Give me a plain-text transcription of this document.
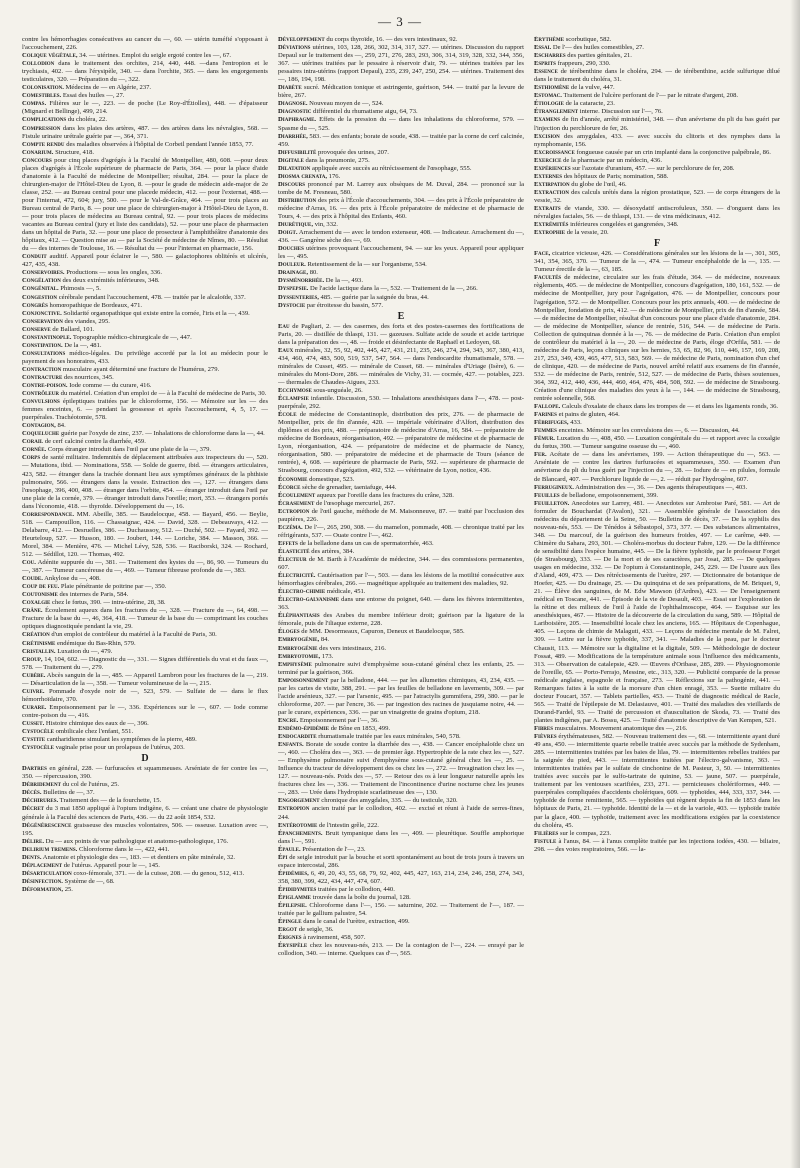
— 3 —
contre les hémorrhagies consécutives au cancer du —, 60. — utérin tuméfié s'opposant à l'accouchement, 226.
Colique végétale, 34. — utérines. Emploi du seigle ergoté contre les —, 67.
Collodion dans le traitement des orchites, 214, 440, 448. —dans l'entropion et le trychiasis, 402. — dans l'érysipèle, 340. — dans l'orchite, 365. — dans les engorgements testiculaires, 320. — Préparation du —, 322.
Colonisation. Médecins de — en Algérie, 237.
Comestibles. Essai des huiles —, 27.
Compas. Filières sur le —, 223. — de poche (Le Roy-d'Étiolles), 448. — d'épaisseur (Mignard et Bellinge), 499, 214.
Complications du choléra, 22.
Compression dans les plaies des artères, 487. — des artères dans les névralgies, 568. — Fistule urinaire urétrale guérie par —, 364, 371.
Compte rendu des maladies observées à l'hôpital de Corbeil pendant l'année 1853, 77.
Conarium. Structure, 418.
Concours pour cinq places d'agrégés à la Faculté de Montpellier, 480, 608. —pour deux places d'agrégés à l'École supérieure de pharmacie de Paris, 364. — pour la place d'aide d'anatomie à la Faculté de médecine de Montpellier; résultat, 284. — pour la place de chirurgien-major de l'Hôtel-Dieu de Lyon, 8. —pour le grade de médecin aide-major de 2e classe, 252. — au Bureau central pour une placede médecin, 412. — pour l'externat, 488.—pour l'internat, 472, 604; jury, 500. — pour le Val-de-Grâce, 464. — pour trois places au Bureau central de Paris, 8. — pour une place de chirurgien-major à l'Hôtel-Dieu de Lyon, 8. — pour trois places de médecins au Bureau central, 92. — pour trois places de médecins vacantes au Bureau central (jury et liste des candidats), 52. — pour une place de pharmacien dans un hôpital de Paris, 32. — pour une place de prosecteur à l'amphithéâtre d'anatomie des hôpitaux, 412. — Question mise au — par la Société de médecine de Nîmes, 80. — Résultat du — des internes de Toulouse, 16. — Résultat du — pour l'internat en pharmacie, 156.
Conduit auditif. Appareil pour éclairer le —, 580. — galactophores oblitérés et ulcérés, 427, 435, 438.
Conservoires. Productions — sous les ongles, 336.
Congélation des deux extrémités inférieures, 348.
Congénital. Phimosis —, 5.
Congestion cérébrale pendant l'accouchement, 478. — traitée par le alcaloïde, 337.
Congrès homœopathique de Bordeaux, 471.
Conjonctive. Solidarité organopathique qui existe entre la cornée, l'iris et la —, 439.
Conservation des viandes, 295.
Conserve de Ballard, 101.
Constantinople. Topographie médico-chirurgicale de —, 447.
Constipation. De la —, 481.
Consultations médico-légales. Du privilège accordé par la loi au médecin pour le payement de ses honoraires, 433.
Contraction musculaire ayant déterminé une fracture de l'humérus, 279.
Contracture des nourrices, 345.
Contre-poison. Iode comme — du curare, 416.
Contrôleur du matériel. Création d'un emploi de — à la Faculté de médecine de Paris, 30.
Convulsions épileptiques traitées par le chloroforme, 156. — Mémoire sur les — des femmes enceintes, 6. — pendant la grossesse et après l'accouchement, 4, 5, 17. — puerpérales. Trachéotomie, 578.
Contagion, 84.
Coqueluche guérie par l'oxyde de zinc, 237. — Inhalations de chloroforme dans la —, 44.
Corail de cerf calciné contre la diarrhée, 459.
Cornée. Corps étranger introduit dans l'œil par une plaie de la —, 379.
Corps de santé militaire. Indemnités de déplacement attribuées aux inspecteurs du —, 520. — Mutations, ibid. — Nominations, 558. — Solde de guerre, ibid. — étrangers articulaires, 423, 582. — étranger dans la trachée donnant lieu aux symptômes généraux de la phthisie pulmonaire, 566. — étrangers dans la vessie. Extraction des —, 127. — étrangers dans l'œsophage, 396, 400, 408. — étranger dans l'orbite, 454. — étranger introduit dans l'œil par une plaie de la cornée, 379. — étranger introduit dans l'oreille; mort, 353. — étrangers portés dans l'économie, 418. — thyroïde. Développement du —, 16.
Correspondance. MM. Abeille, 385. — Baudelocque, 458. — Bayard, 456. — Beylie, 518. — Campouillon, 116. — Chassaignac, 424. — David, 328. — Debeauvays, 412. — Delabarre, 412. — Desruelles, 386. — Duchaussoy, 512. — Duché, 502. — Fayard, 392. — Heurteloup, 527. — Husson, 180. — Joubert, 144. — Loriche, 384. — Masson, 366. — Morel, 384. — Menière, 476. — Michel Lévy, 528, 536. — Raciborski, 324. — Rochard, 512. — Sédillot, 120. — Thomas, 492.
Cou. Adénite suppurée du —, 381. — Traitement des kystes du —, 86, 90. — Tumeurs du —, 387. — Tumeur cancéreuse du —, 469. — Tumeur fibreuse profonde du —, 383.
Coude. Ankylose du —, 408.
Coup de feu. Plaie pénétrante de poitrine par —, 350.
Coutonisme des internes de Paris, 584.
Coxalgie chez le fœtus, 390. — intra-utérine, 28, 38.
Crâne. Écoulement aqueux dans les fractures du —, 328. — Fracture du —, 64, 498. — Fracture de la base du —, 46, 364, 418. — Tumeur de la base du — comprimant les couches optiques diagnostiquée pendant la vie, 29.
Création d'un emploi de contrôleur du matériel à la Faculté de Paris, 30.
Crétinisme endémique du Bas-Rhin, 579.
Cristallin. Luxation du —, 479.
Croup, 14, 104, 602. — Diagnostic du —, 331. — Signes différentiels du vrai et du faux —, 578. — Traitement du —, 279.
Cubèbe. Abcès sanguin de la —, 485. — Appareil Lambron pour les fractures de la —, 219. — Désarticulation de la —, 358. — Tumeur volumineuse de la —, 215.
Cuivre. Pommade d'oxyde noir de —, 523, 579. — Sulfate de — dans le flux hémorrhoïdaire, 370.
Curare. Empoisonnement par le —, 336. Expériences sur le —, 607. — Iode comme contre-poison du —, 416.
Cusset. Histoire chimique des eaux de —, 396.
Cystocèle ombilicale chez l'enfant, 551.
Cystite cantharidienne simulant les symptômes de la pierre, 489.
Cystocèle vaginale prise pour un prolapsus de l'utérus, 203.
D
Dartres en général, 228. — furfuracées et squammeuses. Arséniate de fer contre les —, 350. — répercussion, 390.
Débridement du col de l'utérus, 25.
Décès. Bulletins de —, 37.
Déchirures. Traitement des — de la fourchette, 15.
Décret du 3 mai 1850 appliqué à l'opium indigène, 6. — créant une chaire de physiologie générale à la Faculté des sciences de Paris, 436. — du 22 août 1854, 532.
Dégénérescence graisseuse des muscles volontaires, 506. — osseuse. Luxation avec —, 195.
Délire. Du — aux points de vue pathologique et anatomo-pathologique, 176.
Delirium tremens. Chloroforme dans le —, 422, 441.
Dents. Anatomie et physiologie des —, 183. — et dentiers en pâte minérale, 32.
Déplacement de l'utérus. Appareil pour le —, 145.
Désarticulation coxo-fémorale, 371. — de la cuisse, 208. — du genou, 512, 413.
Désinfection. Système de —, 68.
Déformation, 25.
Développement du corps thyroïde, 16. — des vers intestinaux, 92.
Déviations utérines, 103, 128, 266, 302, 314, 317, 327. — utérines. Discussion du rapport Depaul sur le traitement des —, 259, 271, 276, 283, 293, 306, 314, 319, 328, 332, 344, 356, 367. — utérines traitées par le pessaire à réservoir d'air, 79. — utérines traitées par les pessaires intra-utérins (rapport Depaul), 235, 239, 247, 250, 254. — utérines. Traitement des —, 186, 194, 198.
Diabète sucré. Médication tonique et astringente, guérison, 544. — traité par la levure de bière, 267.
Diagnose. Nouveau moyen de —, 524.
Diagnostic différentiel du rhumatisme aigu, 64, 73.
Diaphragme. Effets de la pression du — dans les inhalations du chloroforme, 579. — Spasme du —, 525.
Diarrhée, 583. — des enfants; borate de soude, 438. — traitée par la corne de cerf calcinée, 459.
Diffusibilité provoquée des urines, 207.
Digitale dans la pneumonie, 275.
Dilatation appliquée avec succès au rétrécissement de l'œsophage, 555.
Diosma crenata, 176.
Discours prononcé par M. Larrey aux obsèques de M. Duval, 284. — prononcé sur la tombe de M. Fresneau, 580.
Distribution des prix à l'École d'accouchements, 304. — des prix à l'École préparatoire de médecine d'Arras, 16. — des prix à l'École préparatoire de médecine et de pharmacie de Tours, 4. — des prix à l'hôpital des Enfants, 460.
Diurétique, vin, 332.
Doigt. Arrachement du — avec le tendon extenseur, 408. — Indicateur. Arrachement du —, 436. — Gangrène sèche des —, 69.
Douches utérines provoquant l'accouchement, 94. — sur les yeux. Appareil pour appliquer les —, 495.
Douleur. Retentissement de la — sur l'organisme, 534.
Drainage, 80.
Dysménorrhée. De la —, 493.
Dyspepsie. De l'acide lactique dans la —, 532. — Traitement de la —, 266.
Dyssenteries, 485. — guérie par la saignée du bras, 44.
Dystocie par étroitesse du bassin, 577.
E
Eau de Pagliari, 2. — des casernes, des forts et des postes-casernes des fortifications de Paris, 20. — distillée de thlaspi, 131. — gazeuses. Sulfate acide de soude et acide tartrique dans la préparation des —, 48. — froide et désinfectante de Raphaël et Ledoyen, 68.
Eaux minérales, 32, 55, 92, 402, 445, 427, 431, 211, 235, 246, 274, 294, 343, 367, 380, 413, 434, 460, 474, 483, 500, 519, 537, 547, 564. — dans l'endocardite rhumatismale, 578. — minérales de Cusset, 495. — minérale de Cusset, 68. — minérales d'Uriage (Isère), 6. — minérales du Mont-Dore, 286. — minérales de Vichy, 31. — cocmée, 427. — potables, 223. — thermales de Chaudes-Aigues, 233.
Ecchymose sous-unguéale, 26.
Éclampsie infantile. Discussion, 530. — Inhalations anesthésiques dans l'—, 478. — post-puerpérale, 292.
École de médecine de Constantinople, distribution des prix, 276. — de pharmacie de Montpellier, prix de fin d'année, 420. — impériale vétérinaire d'Alfort, distribution des diplômes et des prix, 488. — préparatoire de médecine d'Arras, 16, 584. — préparatoire de médecine de Bordeaux, réorganisation, 492. — préparatoire de médecine et de pharmacie de Lyon, réorganisation, 424. — préparatoire de médecine et de pharmacie de Nancy, réorganisation, 580. — préparatoire de médecine et de pharmacie de Tours (séance de rentrée), 4, 608. — supérieure de pharmacie de Paris, 592. — supérieure de pharmacie de Strasbourg, concours d'agrégation, 492, 532. — vétérinaire de Lyon, notice, 436.
Économie domestique, 523.
Écorce sèche de grenadier, taeniafuge, 444.
Écoulement aqueux par l'oreille dans les fractures du crâne, 328.
Écrasement de l'œsophage mercuriel, 267.
Ectropion de l'œil gauche, méthode de M. Maisonneuve, 87. — traité par l'occlusion des paupières, 226.
Eczéma. De l'—, 265, 290, 308. — du mamelon, pommade, 408. — chronique traité par les réfrigérants, 537. — Ouate contre l'—, 462.
Effets de la belladone dans un cas de spermatorrhée, 463.
Élasticité des artères, 384.
Électeur de M. Barth à l'Académie de médecine, 344. — des commissions permanentes, 607.
Électricité. Cautérisation par l'—, 503. — dans les lésions de la motilité consécutive aux hémorrhagies cérébrales, 266. — magnétique appliquée au traitement des maladies, 92.
Électro-chimie médicale, 451.
Électro-galvanisme dans une entorse du poignet, 640. — dans les fièvres intermittentes, 363.
Éléphantiasis des Arabes du membre inférieur droit; guérison par la ligature de la fémorale, puis de l'iliaque externe, 228.
Éloges de MM. Desormeaux, Capuron, Deneux et Baudelocque, 585.
Embryogénie, 84.
Embryogénie des vers intestinaux, 216.
Embryotomie, 173.
Emphysème pulmonaire suivi d'emphysème sous-cutané général chez les enfants, 25. — terminé par la guérison, 366.
Empoisonnement par la belladone, 444. — par les allumettes chimiques, 43, 234, 435. — par les cartes de visite, 388, 291. — par les feuilles de belladone en lavements, 309. — par l'acide arsénieux, 327. — par l'arsenic, 495. — par l'atractylis gummifera, 299, 380. — par le chloroforme, 207. — par l'encre, 36. — par ingestion des racines de jusquiame noire, 44. — par le curare, expériences, 336. — par un vinaigrette de grains d'opium, 218.
Encre. Empoisonnement par l'—, 36.
Endémo-épidémie de Bône en 1853, 499.
Endocardite rhumatismale traitée par les eaux minérales, 540, 578.
Enfants. Borate de soude contre la diarrhée des —, 438. — Cancer encéphaloïde chez un —, 460. — Choléra des —, 363. — de premier âge. Hypertrophie de la rate chez les —, 527. — Emphysème pulmonaire suivi d'emphysème sous-cutané général chez les —, 25. — Influence du tracteur de développement des os chez les —, 272. — Invagination chez les —, 127. — nouveau-nés. Poids des —, 57. — Retour des os à leur longueur naturelle après les fractures chez les —, 336. — Traitement de l'incontinence d'urine nocturne chez les jeunes —, 283. — Urée dans l'hydropisie scarlatineuse des —, 130.
Engorgement chronique des amygdales, 335. — du testicule, 320.
Entropion ancien traité par le collodion, 402. — excisé et réuni à l'aide de serres-fines, 244.
Entérotomie de l'intestin grêle, 222.
Épanchements. Bruit tympanique dans les —, 409. — pleurétique. Souffle amphorique dans l'—, 591.
Épaule. Présentation de l'—, 23.
Épi de seigle introduit par la bouche et sorti spontanément au bout de trois jours à travers un espace intercostal, 286.
Épidémies, 6, 49, 20, 43, 55, 68, 79, 92, 402, 445, 427, 163, 214, 234, 246, 258, 274, 343, 358, 380, 399, 422, 434, 447, 474, 607.
Épididymites traitées par le collodion, 440.
Épiglamme trouvée dans la boîte du journal, 128.
Épilepsie. Chloroforme dans l'—, 156. — saturnine, 202. — Traitement de l'—, 187. — traitée par le gallium palustre, 54.
Épingle dans le canal de l'urètre, extraction, 499.
Ergot de seigle, 36.
Érignes à ravinement, 458, 507.
Érysipèle chez les nouveau-nés, 213. — De la contagion de l'—, 224. — enrayé par le collodion, 340. — interne. Quelques cas d'—, 565.
Érythème scorbutique, 582.
Essai. De l'— des huiles comestibles, 27.
Escharres des parties génitales, 21.
Esprits frappeurs, 290, 330.
Essence de térébenthine dans le choléra, 294. — de térébenthine, acide sulfurique dilué dans le traitement du choléra, 31.
Esthiomène de la vulve, 447.
Estomac. Traitement de l'ulcère perforant de l'— par le nitrate d'argent, 208.
Étiologie de la cataracte, 23.
Étranglement interne. Discussion sur l'—, 76.
Examens de fin d'année, arrêté ministériel, 348. — d'un anévrisme du pli du bas guéri par l'injection du perchlorure de fer, 26.
Excision des amygdales, 433. — avec succès du clitoris et des nymphes dans la nymphomanie, 156.
Excroissance fongueuse causée par un crin implanté dans la conjonctive palpébrale, 86.
Exercice de la pharmacie par un médecin, 436.
Expériences sur l'azotate d'uranium, 457. — sur le perchlorure de fer, 208.
Externes des hôpitaux de Paris; nomination, 588.
Extirpation du globe de l'œil, 46.
Extraction des calculs urétés dans la région prostatique, 523. — de corps étrangers de la vessie, 32.
Extraits de viande, 330. — désoxydatif antiscrofuleux, 350. — d'onguent dans les névralgies faciales, 56. — de thlaspi, 131. — de vins médicinaux, 412.
Extrémités inférieures congelées et gangrenées, 348.
Extrophie de la vessie, 20.
F
Face, cicatrice vicieuse, 426. — Considérations générales sur les lésions de la —, 301, 305, 341, 354, 365, 370. — Tumeur de la —, 474. — Tumeur encéphaloïde de la —, 135. — Tumeur érectile de la —, 63, 185.
Facultés de médecine, circulaire sur les frais d'étude, 364. — de médecine, nouveaux règlements, 405. — de médecine de Montpellier, concours d'agrégation, 180, 161, 532. — de médecine de Montpellier, jury pour l'agrégation, 476. — de Montpellier, concours pour l'agrégation, 572. — de Montpellier. Concours pour les prix annuels, 400. — de médecine de Montpellier, fondation de prix, 412. — de médecine de Montpellier, prix de fin d'année, 584. — de médecine de Montpellier, résultat d'un concours pour une place d'aide d'anatomie, 284. — de médecine de Montpellier, séance de rentrée, 516, 544. — de médecine de Paris. Collection de quinquinas donnée à la —, 76. — de médecine de Paris. Création d'un emploi de contrôleur du matériel à la —, 20. — de médecine de Paris, éloge d'Orfila, 581. — de médecine de Paris, leçons cliniques sur les hernies, 53, 65, 82, 96, 110, 446, 157, 169, 208, 217, 253, 349, 439, 465, 477, 513, 583, 569. — de médecine de Paris, nomination d'un chef de clinique, 420. — de médecine de Paris, nouvel arrêté relatif aux examens de fin d'année, 532. — de médecine de Paris, rentrée, 512, 527. — de médecine de Paris, thèses soutenues, 364, 392, 412, 440, 436, 444, 460, 464, 476, 484, 508, 592. — de médecine de Strasbourg. Création d'une clinique des maladies des yeux à la —, 144. — de médecine de Strasbourg, rentrée solennelle, 568.
Fallope. Calculs d'oxalate de chaux dans les trompes de — et dans les ligaments ronds, 36.
Farines et pains de gluten, 464.
Fébrifuges, 433.
Femmes enceintes. Mémoire sur les convulsions des —, 6. — Discussion, 44.
Fémur. Luxation du —, 408, 450. — Luxation congénitale du — et rapport avec la coxalgie du fœtus, 390. — Tumeur sanguine osseuse du —, 460.
Fer. Acétate de — dans les anévrismes, 199. — Action thérapeutique du —, 563. — Arséniate de — contre les dartres furfuracées et squammeuses, 350. — Examen d'un anévrisme du pli du bras guéri par l'injection du —, 28. — Iodure de — en pilules, formule de Blancard, 407. — Perchlorure liquide de —, 2. — réduit par l'hydrogène, 607.
Ferrugineux. Administration des —, 36. — Des agents thérapeutiques —, 403.
Feuilles de belladone, empoisonnement, 399.
Feuilleton. Anecdotes sur Larrey, 481. — Anecdotes sur Ambroise Paré, 581. — Art de formuler de Bouchardat (l'Avalon), 321. — Assemblée générale de l'association des médecins du département de la Seine, 50. — Bulletins de décès, 37. — De la syphilis des nouveau-nés, 553. — De Ténédos à Sébastopol, 373, 377. — Des substances alimentaires, 348. — Du marcouf, de la guérison des humeurs froides, 497. — Le carême, 449. — Chimère du Sahara, 293, 301. — Choléra-morbus du docteur Fabre, 129. — De la différence de sensibilité dans l'espèce humaine, 445. — De la fièvre typhoïde, par le professeur Forget (de Strasbourg), 333. — De la mort et de ses caractères, par Josat, 285. — De quelques usages en médecine, 332. — De l'opium à Constantinople, 245, 229. — De l'usure aux îles d'Aland, 409, 473. — Des rétrécissements de l'urètre, 297. — Dictionnaire de botanique de Hoefer, 425. — Du drainage, 25. — Du quinquina et de ses préparations, de M. Briquet, 9, 21. — Élève des sanguines, de M. Edw Mawson (d'Ardres), 423. — De l'enseignement médical en Toscane, 441. — Épisode de la vie de Desault, 403. — Essai sur l'exploration de la rétine et des milieux de l'œil à l'aide de l'ophthalmoscope, 464. — Esquisse sur les anesthésiques, 467. — Histoire de la découverte de la circulation du sang, 589. — Hôpital de Lariboisière, 205. — Insensibilité locale chez les anciens, 165. — Hôpitaux de Copenhague, 405. — Leçons de chimie de Malaguti, 433. — Leçons de médecine mentale de M. Falret, 309. — Lettre sur la fièvre typhoïde, 337, 341. — Maladies de la peau, par le docteur Chausit, 113. — Mémoire sur la digitaline et la digitale, 509. — Méthodologie de docteur Fossat, 489. — Modifications de la température animale sous l'influence des médicaments, 313. — Observation de catalepsie, 429. — Œuvres d'Oribase, 285, 289. — Physiognomonie de l'oreille, 65. — Porto-Ferrajo, Messine, etc., 313, 320. — Publicité comparée de la presse médicale anglaise, espagnole et française, 273. — Réflexions sur la pathogénie, 441. — Remarques faites à la suite de la morsure d'un chien enragé, 353. — Suette miliaire du docteur Foucart, 357. — Tablets partielles, 453. — Traité de diagnostic médical de Racle, 565. — Traité de l'épilepsie de M. Delasiauve, 401. — Traité des maladies des vieillards de Durand-Fardel, 93. — Traité de percussion et d'auscultation de Skoda, 73. — Traité des plantes indigènes, par A. Bossu, 425. — Traité d'anatomie descriptive de Van Kempen, 521.
Fibres musculaires. Mouvement anatomique des —, 216.
Fièvres érythémateuses, 582. — Nouveau traitement des —, 68. — intermittente ayant duré 49 ans, 450. — intermittente quarte rebelle traitée avec succès par la méthode de Sydenham, 285. — intermittentes traitées par les baies de lilas, 79. — intermittentes rebelles traitées par la saignée du pied, 443. — intermittentes traitées par l'électro-galvanisme, 363. — intermittentes traitées par le sulfate de cinchonine de M. Pasteur, 3, 50. — intermittentes traitées avec succès par le sulfo-tartrate de quinine, 53. — jaune, 507. — puerpérale, traitement par les ventouses scarifiées, 233, 271. — pernicieuses cholériformes, 449. — puerpérales compliquées d'accidents cholériques, 609. — typhoïdes, 444, 333, 337, 344. — typhoïde de forme remittente, 565. — typhoïdes qui règnent depuis la fin de 1853 dans les hôpitaux de Paris, 21. — typhoïde. Identité de la — et de la variole, 403. — typhoïde traitée par la glace, 400. — typhoïde, traitement avec les modifications exigées par la coexistence du choléra, 45.
Filières sur le compas, 223.
Fistule à l'anus, 84. — à l'anus complète traitée par les injections iodées, 430. — biliaire, 298. — des voies respiratoires, 566. — la-
